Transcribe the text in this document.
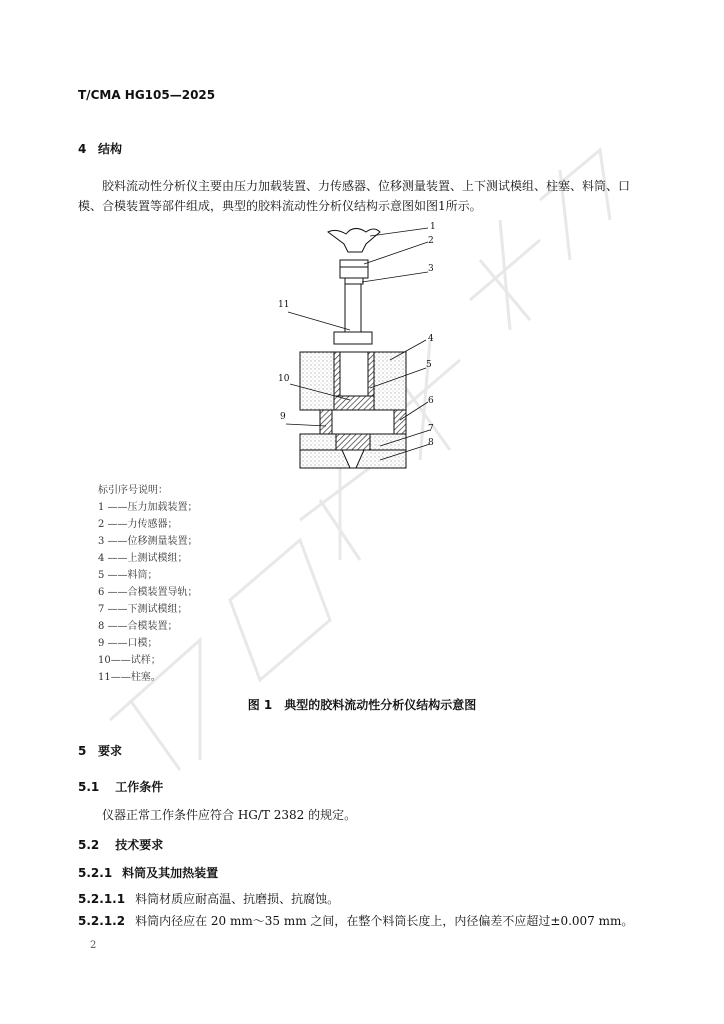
T/CMA HG105—2025
4 结构
胶料流动性分析仪主要由压力加载装置、力传感器、位移测量装置、上下测试模组、柱塞、料筒、口模、合模装置等部件组成，典型的胶料流动性分析仪结构示意图如图1所示。
1
2
3
11
4
5
10
6
9
7
8
标引序号说明：
1 ——压力加载装置；
2 ——力传感器；
3 ——位移测量装置；
4 ——上测试模组；
5 ——料筒；
6 ——合模装置导轨；
7 ——下测试模组；
8 ——合模装置；
9 ——口模；
10——试样；
11——柱塞。
图 1　典型的胶料流动性分析仪结构示意图
5 要求
5.1 工作条件
仪器正常工作条件应符合 HG/T 2382 的规定。
5.2 技术要求
5.2.1 料筒及其加热装置
5.2.1.1 料筒材质应耐高温、抗磨损、抗腐蚀。
5.2.1.2 料筒内径应在 20 mm～35 mm 之间，在整个料筒长度上，内径偏差不应超过±0.007 mm。
2
